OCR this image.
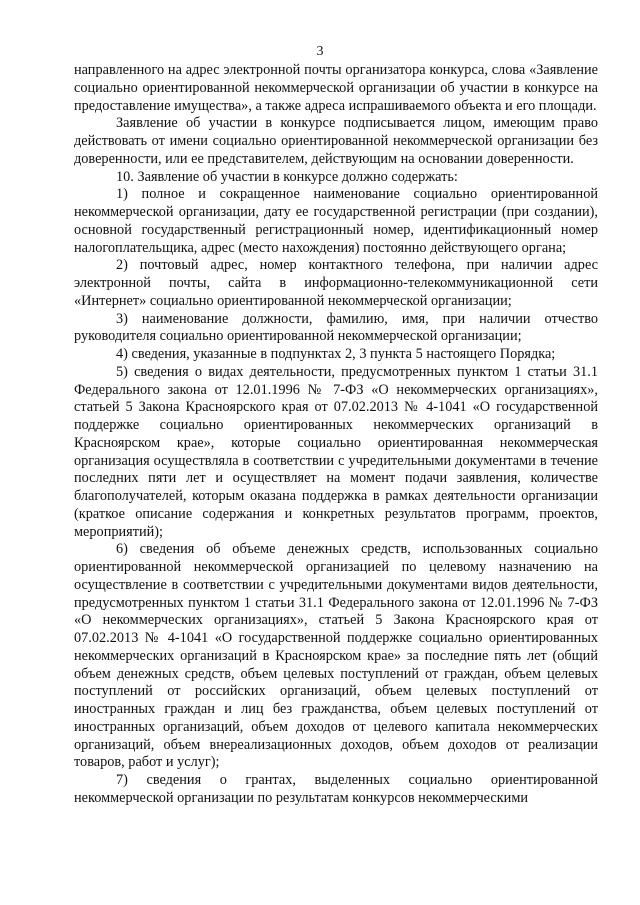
3

направленного на адрес электронной почты организатора конкурса, слова «Заявление социально ориентированной некоммерческой организации об участии в конкурсе на предоставление имущества», а также адреса испрашиваемого объекта и его площади.

Заявление об участии в конкурсе подписывается лицом, имеющим право действовать от имени социально ориентированной некоммерческой организации без доверенности, или ее представителем, действующим на основании доверенности.

10. Заявление об участии в конкурсе должно содержать:

1) полное и сокращенное наименование социально ориентированной некоммерческой организации, дату ее государственной регистрации (при создании), основной государственный регистрационный номер, идентификационный номер налогоплательщика, адрес (место нахождения) постоянно действующего органа;

2) почтовый адрес, номер контактного телефона, при наличии адрес электронной почты, сайта в информационно-телекоммуникационной сети «Интернет» социально ориентированной некоммерческой организации;

3) наименование должности, фамилию, имя, при наличии отчество руководителя социально ориентированной некоммерческой организации;

4) сведения, указанные в подпунктах 2, 3 пункта 5 настоящего Порядка;

5) сведения о видах деятельности, предусмотренных пунктом 1 статьи 31.1 Федерального закона от 12.01.1996 № 7-ФЗ «О некоммерческих организациях», статьей 5 Закона Красноярского края от 07.02.2013 № 4-1041 «О государственной поддержке социально ориентированных некоммерческих организаций в Красноярском крае», которые социально ориентированная некоммерческая организация осуществляла в соответствии с учредительными документами в течение последних пяти лет и осуществляет на момент подачи заявления, количестве благополучателей, которым оказана поддержка в рамках деятельности организации (краткое описание содержания и конкретных результатов программ, проектов, мероприятий);

6) сведения об объеме денежных средств, использованных социально ориентированной некоммерческой организацией по целевому назначению на осуществление в соответствии с учредительными документами видов деятельности, предусмотренных пунктом 1 статьи 31.1 Федерального закона от 12.01.1996 № 7-ФЗ «О некоммерческих организациях», статьей 5 Закона Красноярского края от 07.02.2013 № 4-1041 «О государственной поддержке социально ориентированных некоммерческих организаций в Красноярском крае» за последние пять лет (общий объем денежных средств, объем целевых поступлений от граждан, объем целевых поступлений от российских организаций, объем целевых поступлений от иностранных граждан и лиц без гражданства, объем целевых поступлений от иностранных организаций, объем доходов от целевого капитала некоммерческих организаций, объем внереализационных доходов, объем доходов от реализации товаров, работ и услуг);

7) сведения о грантах, выделенных социально ориентированной некоммерческой организации по результатам конкурсов некоммерческими
